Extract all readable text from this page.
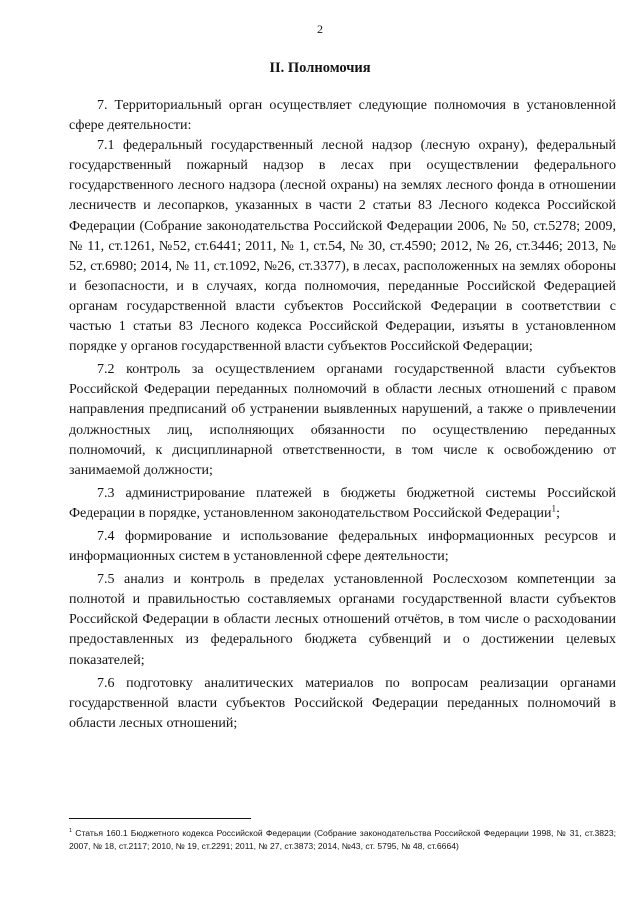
2
II. Полномочия

7. Территориальный орган осуществляет следующие полномочия в установленной сфере деятельности:

7.1 федеральный государственный лесной надзор (лесную охрану), федеральный государственный пожарный надзор в лесах при осуществлении федерального государственного лесного надзора (лесной охраны) на землях лесного фонда в отношении лесничеств и лесопарков, указанных в части 2 статьи 83 Лесного кодекса Российской Федерации (Собрание законодательства Российской Федерации 2006, № 50, ст.5278; 2009, № 11, ст.1261, №52, ст.6441; 2011, № 1, ст.54, № 30, ст.4590; 2012, № 26, ст.3446; 2013, № 52, ст.6980; 2014, № 11, ст.1092, №26, ст.3377), в лесах, расположенных на землях обороны и безопасности, и в случаях, когда полномочия, переданные Российской Федерацией органам государственной власти субъектов Российской Федерации в соответствии с частью 1 статьи 83 Лесного кодекса Российской Федерации, изъяты в установленном порядке у органов государственной власти субъектов Российской Федерации;

7.2 контроль за осуществлением органами государственной власти субъектов Российской Федерации переданных полномочий в области лесных отношений с правом направления предписаний об устранении выявленных нарушений, а также о привлечении должностных лиц, исполняющих обязанности по осуществлению переданных полномочий, к дисциплинарной ответственности, в том числе к освобождению от занимаемой должности;

7.3 администрирование платежей в бюджеты бюджетной системы Российской Федерации в порядке, установленном законодательством Российской Федерации$^1$;

7.4 формирование и использование федеральных информационных ресурсов и информационных систем в установленной сфере деятельности;

7.5 анализ и контроль в пределах установленной Рослесхозом компетенции за полнотой и правильностью составляемых органами государственной власти субъектов Российской Федерации в области лесных отношений отчётов, в том числе о расходовании предоставленных из федерального бюджета субвенций и о достижении целевых показателей;

7.6 подготовку аналитических материалов по вопросам реализации органами государственной власти субъектов Российской Федерации переданных полномочий в области лесных отношений;

$^1$ Статья 160.1 Бюджетного кодекса Российской Федерации (Собрание законодательства Российской Федерации 1998, № 31, ст.3823; 2007, № 18, ст.2117; 2010, № 19, ст.2291; 2011, № 27, ст.3873; 2014, №43, ст. 5795, № 48, ст.6664)
